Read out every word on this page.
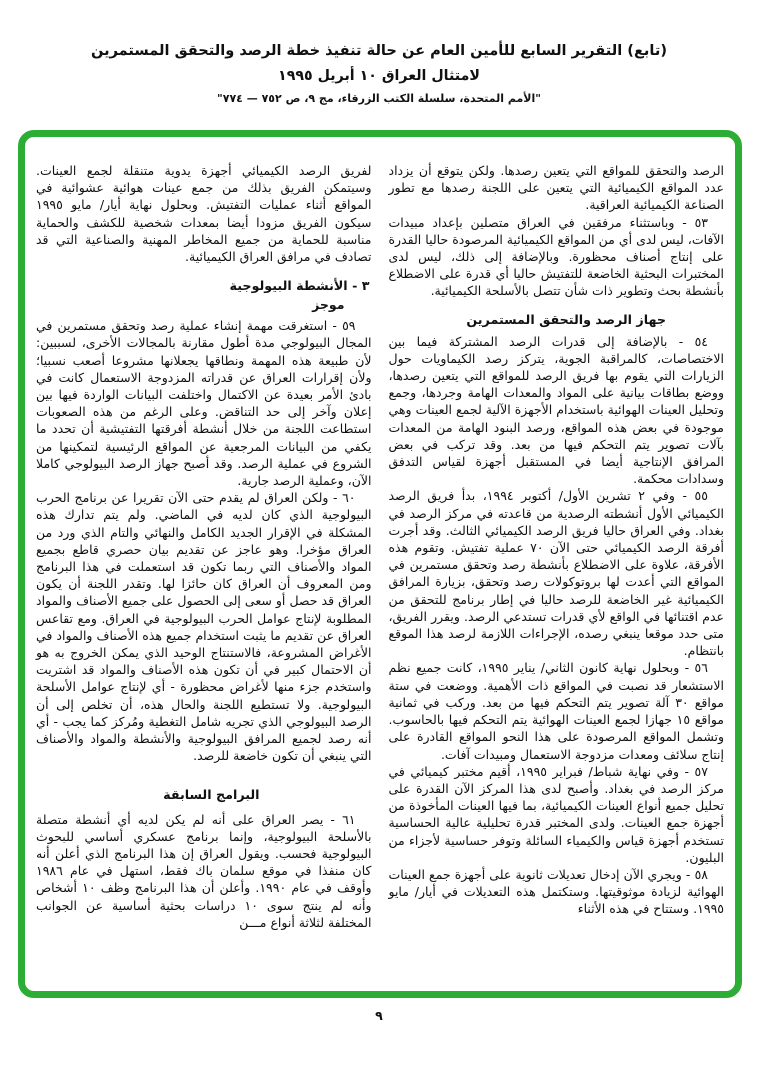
(تابع) التقرير السابع للأمين العام عن حالة تنفيذ خطة الرصد والتحقق المستمرين
لامتثال العراق ١٠ أبريل ١٩٩٥
"الأمم المتحدة، سلسلة الكتب الزرقاء، مج ٩، ص ٧٥٢ — ٧٧٤"

الرصد والتحقق للمواقع التي يتعين رصدها. ولكن يتوقع أن يزداد عدد المواقع الكيميائية التي يتعين على اللجنة رصدها مع تطور الصناعة الكيميائية العراقية.

٥٣ - وباستثناء مرفقين في العراق متصلين بإعداد مبيدات الآفات، ليس لدى أي من المواقع الكيميائية المرصودة حاليا القدرة على إنتاج أصناف محظورة. وبالإضافة إلى ذلك، ليس لدى المختبرات البحثية الخاضعة للتفتيش حاليا أي قدرة على الاضطلاع بأنشطة بحث وتطوير ذات شأن تتصل بالأسلحة الكيميائية.

جهاز الرصد والتحقق المستمرين

٥٤ - بالإضافة إلى قدرات الرصد المشتركة فيما بين الاختصاصات، كالمراقبة الجوية، يتركز رصد الكيماويات حول الزيارات التي يقوم بها فريق الرصد للمواقع التي يتعين رصدها، ووضع بطاقات بيانية على المواد والمعدات الهامة وجردها، وجمع وتحليل العينات الهوائية باستخدام الأجهزة الآلية لجمع العينات وهي موجودة في بعض هذه المواقع، ورصد البنود الهامة من المعدات بآلات تصوير يتم التحكم فيها من بعد. وقد تركب في بعض المرافق الإنتاجية أيضا في المستقبل أجهزة لقياس التدفق وسدادات محكمة.

٥٥ - وفي ٢ تشرين الأول/ أكتوبر ١٩٩٤، بدأ فريق الرصد الكيميائي الأول أنشطته الرصدية من قاعدته في مركز الرصد في بغداد. وفي العراق حاليا فريق الرصد الكيميائي الثالث. وقد أجرت أفرقة الرصد الكيميائي حتى الآن ٧٠ عملية تفتيش. وتقوم هذه الأفرقة، علاوة على الاضطلاع بأنشطة رصد وتحقق مستمرين في المواقع التي أعدت لها بروتوكولات رصد وتحقق، بزيارة المرافق الكيميائية غير الخاضعة للرصد حاليا في إطار برنامج للتحقق من عدم اقتنائها في الواقع لأي قدرات تستدعي الرصد. ويقرر الفريق، متى حدد موقعا ينبغي رصده، الإجراءات اللازمة لرصد هذا الموقع بانتظام.

٥٦ - وبحلول نهاية كانون الثاني/ يناير ١٩٩٥، كانت جميع نظم الاستشعار قد نصبت في المواقع ذات الأهمية. ووضعت في ستة مواقع ٣٠ آلة تصوير يتم التحكم فيها من بعد. وركب في ثمانية مواقع ١٥ جهازا لجمع العينات الهوائية يتم التحكم فيها بالحاسوب. وتشمل المواقع المرصودة على هذا النحو المواقع القادرة على إنتاج سلائف ومعدات مزدوجة الاستعمال ومبيدات آفات.

٥٧ - وفي نهاية شباط/ فبراير ١٩٩٥، أقيم مختبر كيميائي في مركز الرصد في بغداد. وأصبح لدى هذا المركز الآن القدرة على تحليل جميع أنواع العينات الكيميائية، بما فيها العينات المأخوذة من أجهزة جمع العينات. ولدى المختبر قدرة تحليلية عالية الحساسية تستخدم أجهزة قياس والكيمياء السائلة وتوفر حساسية لأجزاء من البليون.

٥٨ - ويجري الآن إدخال تعديلات ثانوية على أجهزة جمع العينات الهوائية لزيادة موثوقيتها. وستكتمل هذه التعديلات في أيار/ مايو ١٩٩٥. وستتاح في هذه الأثناء

لفريق الرصد الكيميائي أجهزة يدوية متنقلة لجمع العينات. وسيتمكن الفريق بذلك من جمع عينات هوائية عشوائية في المواقع أثناء عمليات التفتيش. وبحلول نهاية أيار/ مايو ١٩٩٥ سيكون الفريق مزودا أيضا بمعدات شخصية للكشف والحماية مناسبة للحماية من جميع المخاطر المهنية والصناعية التي قد تصادف في مرافق العراق الكيميائية.

٣ - الأنشطة البيولوجية
موجز

٥٩ - استغرقت مهمة إنشاء عملية رصد وتحقق مستمرين في المجال البيولوجي مدة أطول مقارنة بالمجالات الأخرى، لسببين: لأن طبيعة هذه المهمة ونطاقها يجعلانها مشروعا أصعب نسبيا؛ ولأن إقرارات العراق عن قدراته المزدوجة الاستعمال كانت في بادئ الأمر بعيدة عن الاكتمال واختلفت البيانات الواردة فيها بين إعلان وآخر إلى حد التناقض. وعلى الرغم من هذه الصعوبات استطاعت اللجنة من خلال أنشطة أفرقتها التفتيشية أن تحدد ما يكفي من البيانات المرجعية عن المواقع الرئيسية لتمكينها من الشروع في عملية الرصد. وقد أصبح جهاز الرصد البيولوجي كاملا الآن، وعملية الرصد جارية.

٦٠ - ولكن العراق لم يقدم حتى الآن تقريرا عن برنامج الحرب البيولوجية الذي كان لديه في الماضي. ولم يتم تدارك هذه المشكلة في الإقرار الجديد الكامل والنهائي والتام الذي ورد من العراق مؤخرا. وهو عاجز عن تقديم بيان حصري قاطع بجميع المواد والأصناف التي ربما تكون قد استعملت في هذا البرنامج ومن المعروف أن العراق كان حائزا لها. وتقدر اللجنة أن يكون العراق قد حصل أو سعى إلى الحصول على جميع الأصناف والمواد المطلوبة لإنتاج عوامل الحرب البيولوجية في العراق. ومع تقاعس العراق عن تقديم ما يثبت استخدام جميع هذه الأصناف والمواد في الأغراض المشروعة، فالاستنتاج الوحيد الذي يمكن الخروج به هو أن الاحتمال كبير في أن تكون هذه الأصناف والمواد قد اشتريت واستخدم جزء منها لأغراض محظورة - أي لإنتاج عوامل الأسلحة البيولوجية. ولا تستطيع اللجنة والحال هذه، أن تخلص إلى أن الرصد البيولوجي الذي تجريه شامل التغطية ومُركز كما يجب - أي أنه رصد لجميع المرافق البيولوجية والأنشطة والمواد والأصناف التي ينبغي أن تكون خاضعة للرصد.

البرامج السابقة

٦١ - يصر العراق على أنه لم يكن لديه أي أنشطة متصلة بالأسلحة البيولوجية، وإنما برنامج عسكري أساسي للبحوث البيولوجية فحسب. ويقول العراق إن هذا البرنامج الذي أعلن أنه كان منفذا في موقع سلمان باك فقط، استهل في عام ١٩٨٦ وأوقف في عام ١٩٩٠. وأعلن أن هذا البرنامج وظف ١٠ أشخاص وأنه لم ينتج سوى ١٠ دراسات بحثية أساسية عن الجوانب المختلفة لثلاثة أنواع مـــن

٩
